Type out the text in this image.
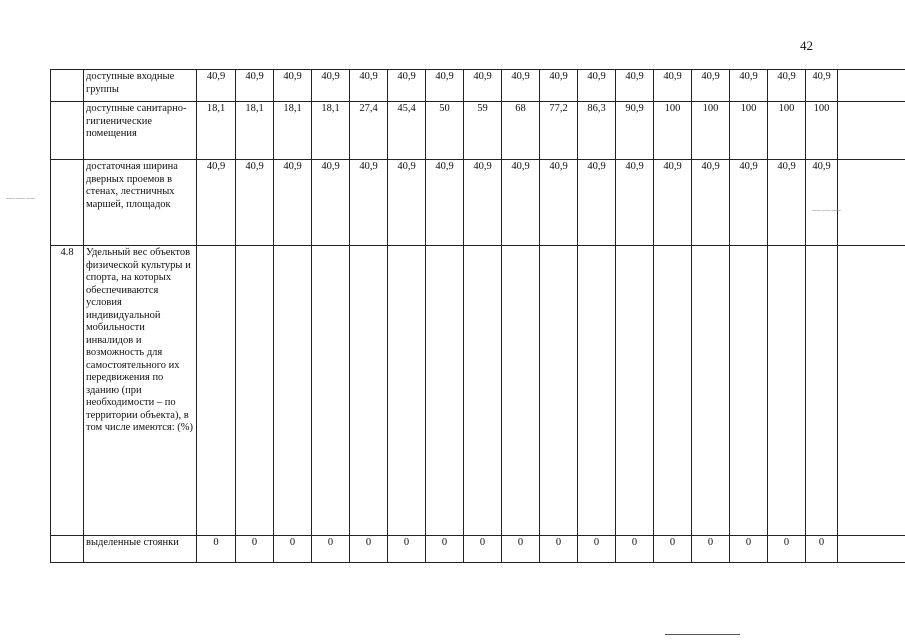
42
	доступные входные группы	40,9	40,9	40,9	40,9	40,9	40,9	40,9	40,9	40,9	40,9	40,9	40,9	40,9	40,9	40,9	40,9	40,9		
	доступные санитарно-гигиенические помещения	18,1	18,1	18,1	18,1	27,4	45,4	50	59	68	77,2	86,3	90,9	100	100	100	100	100		
	достаточная ширина дверных проемов в стенах, лестничных маршей, площадок	40,9	40,9	40,9	40,9	40,9	40,9	40,9	40,9	40,9	40,9	40,9	40,9	40,9	40,9	40,9	40,9	40,9		
4.8	Удельный вес объектов физической культуры и спорта, на которых обеспечиваются условия индивидуальной мобильности инвалидов и возможность для самостоятельного их передвижения по зданию (при необходимости – по территории объекта), в том числе имеются: (%)																			
	выделенные стоянки	0	0	0	0	0	0	0	0	0	0	0	0	0	0	0	0	0		
———
———
